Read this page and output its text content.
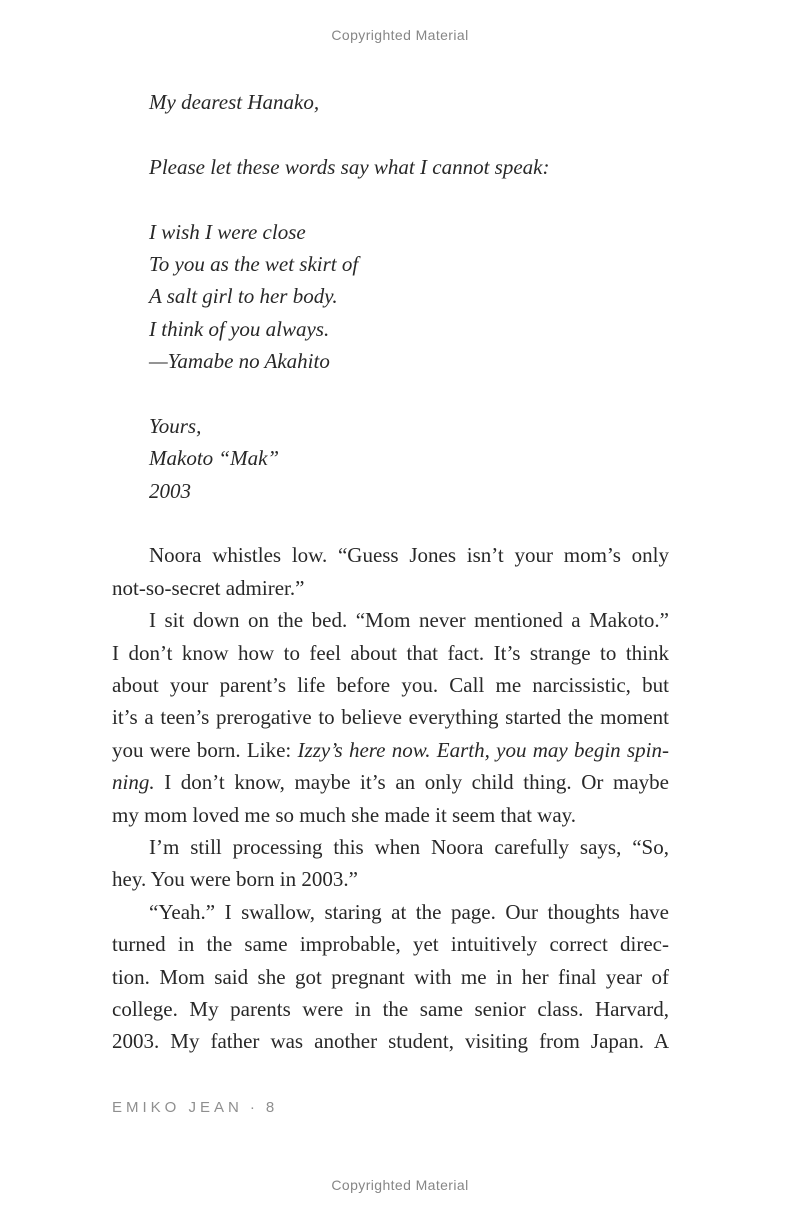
Copyrighted Material
My dearest Hanako,
Please let these words say what I cannot speak:
I wish I were close
To you as the wet skirt of
A salt girl to her body.
I think of you always.
—Yamabe no Akahito
Yours,
Makoto “Mak”
2003
Noora whistles low. “Guess Jones isn’t your mom’s only
not-so-secret admirer.”
I sit down on the bed. “Mom never mentioned a Makoto.”
I don’t know how to feel about that fact. It’s strange to think
about your parent’s life before you. Call me narcissistic, but
it’s a teen’s prerogative to believe everything started the moment
you were born. Like: Izzy’s here now. Earth, you may begin spin-
ning. I don’t know, maybe it’s an only child thing. Or maybe
my mom loved me so much she made it seem that way.
I’m still processing this when Noora carefully says, “So,
hey. You were born in 2003.”
“Yeah.” I swallow, staring at the page. Our thoughts have
turned in the same improbable, yet intuitively correct direc-
tion. Mom said she got pregnant with me in her final year of
college. My parents were in the same senior class. Harvard,
2003. My father was another student, visiting from Japan. A
EMIKO JEAN · 8
Copyrighted Material
